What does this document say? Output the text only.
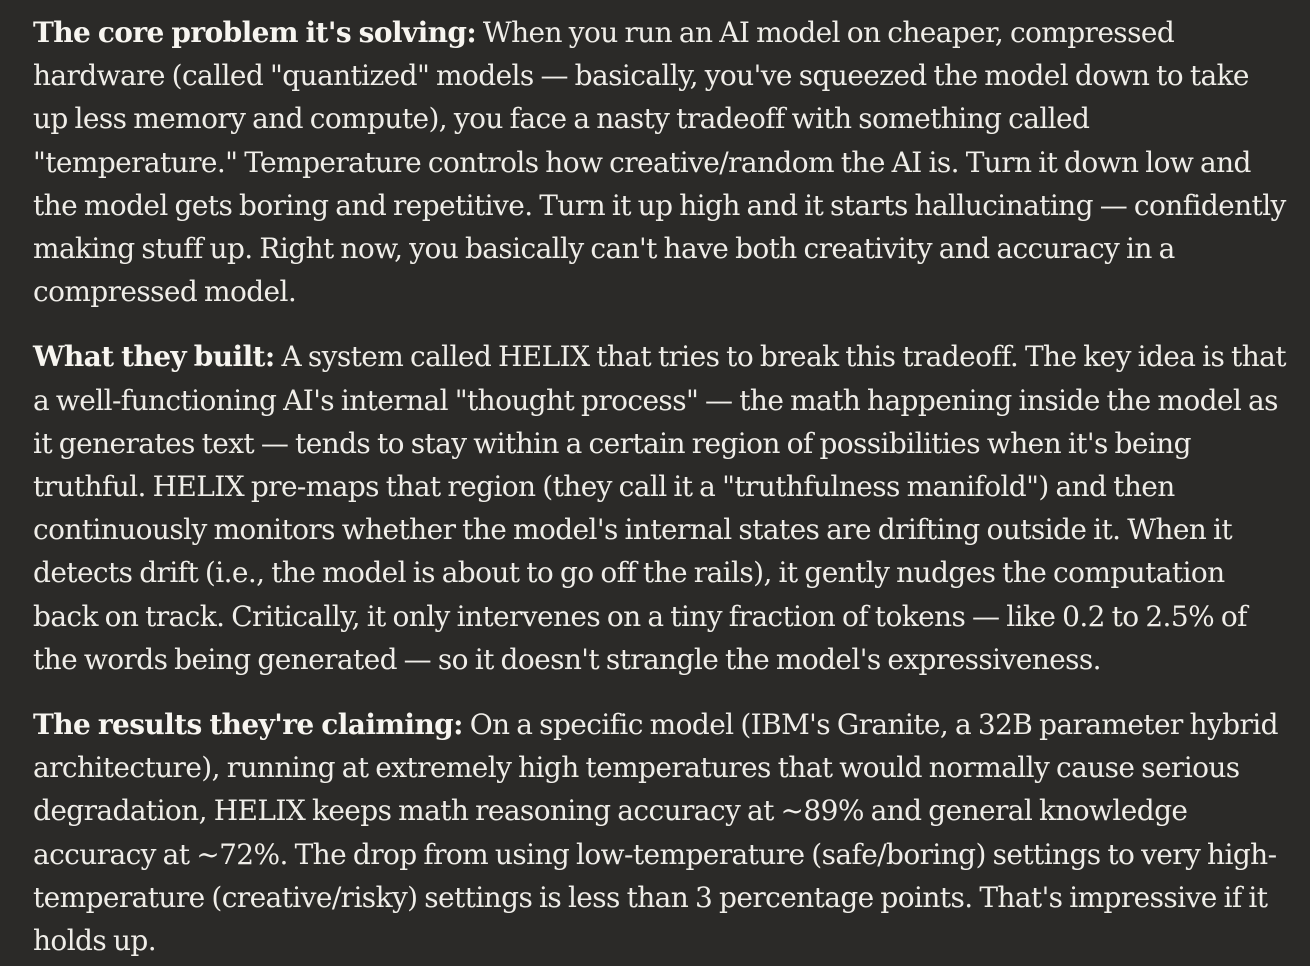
The core problem it's solving: When you run an AI model on cheaper, compressed hardware (called "quantized" models — basically, you've squeezed the model down to take up less memory and compute), you face a nasty tradeoff with something called "temperature." Temperature controls how creative/random the AI is. Turn it down low and the model gets boring and repetitive. Turn it up high and it starts hallucinating — confidently making stuff up. Right now, you basically can't have both creativity and accuracy in a compressed model.

What they built: A system called HELIX that tries to break this tradeoff. The key idea is that a well-functioning AI's internal "thought process" — the math happening inside the model as it generates text — tends to stay within a certain region of possibilities when it's being truthful. HELIX pre-maps that region (they call it a "truthfulness manifold") and then continuously monitors whether the model's internal states are drifting outside it. When it detects drift (i.e., the model is about to go off the rails), it gently nudges the computation back on track. Critically, it only intervenes on a tiny fraction of tokens — like 0.2 to 2.5% of the words being generated — so it doesn't strangle the model's expressiveness.

The results they're claiming: On a specific model (IBM's Granite, a 32B parameter hybrid architecture), running at extremely high temperatures that would normally cause serious degradation, HELIX keeps math reasoning accuracy at ~89% and general knowledge accuracy at ~72%. The drop from using low-temperature (safe/boring) settings to very high-temperature (creative/risky) settings is less than 3 percentage points. That's impressive if it holds up.
